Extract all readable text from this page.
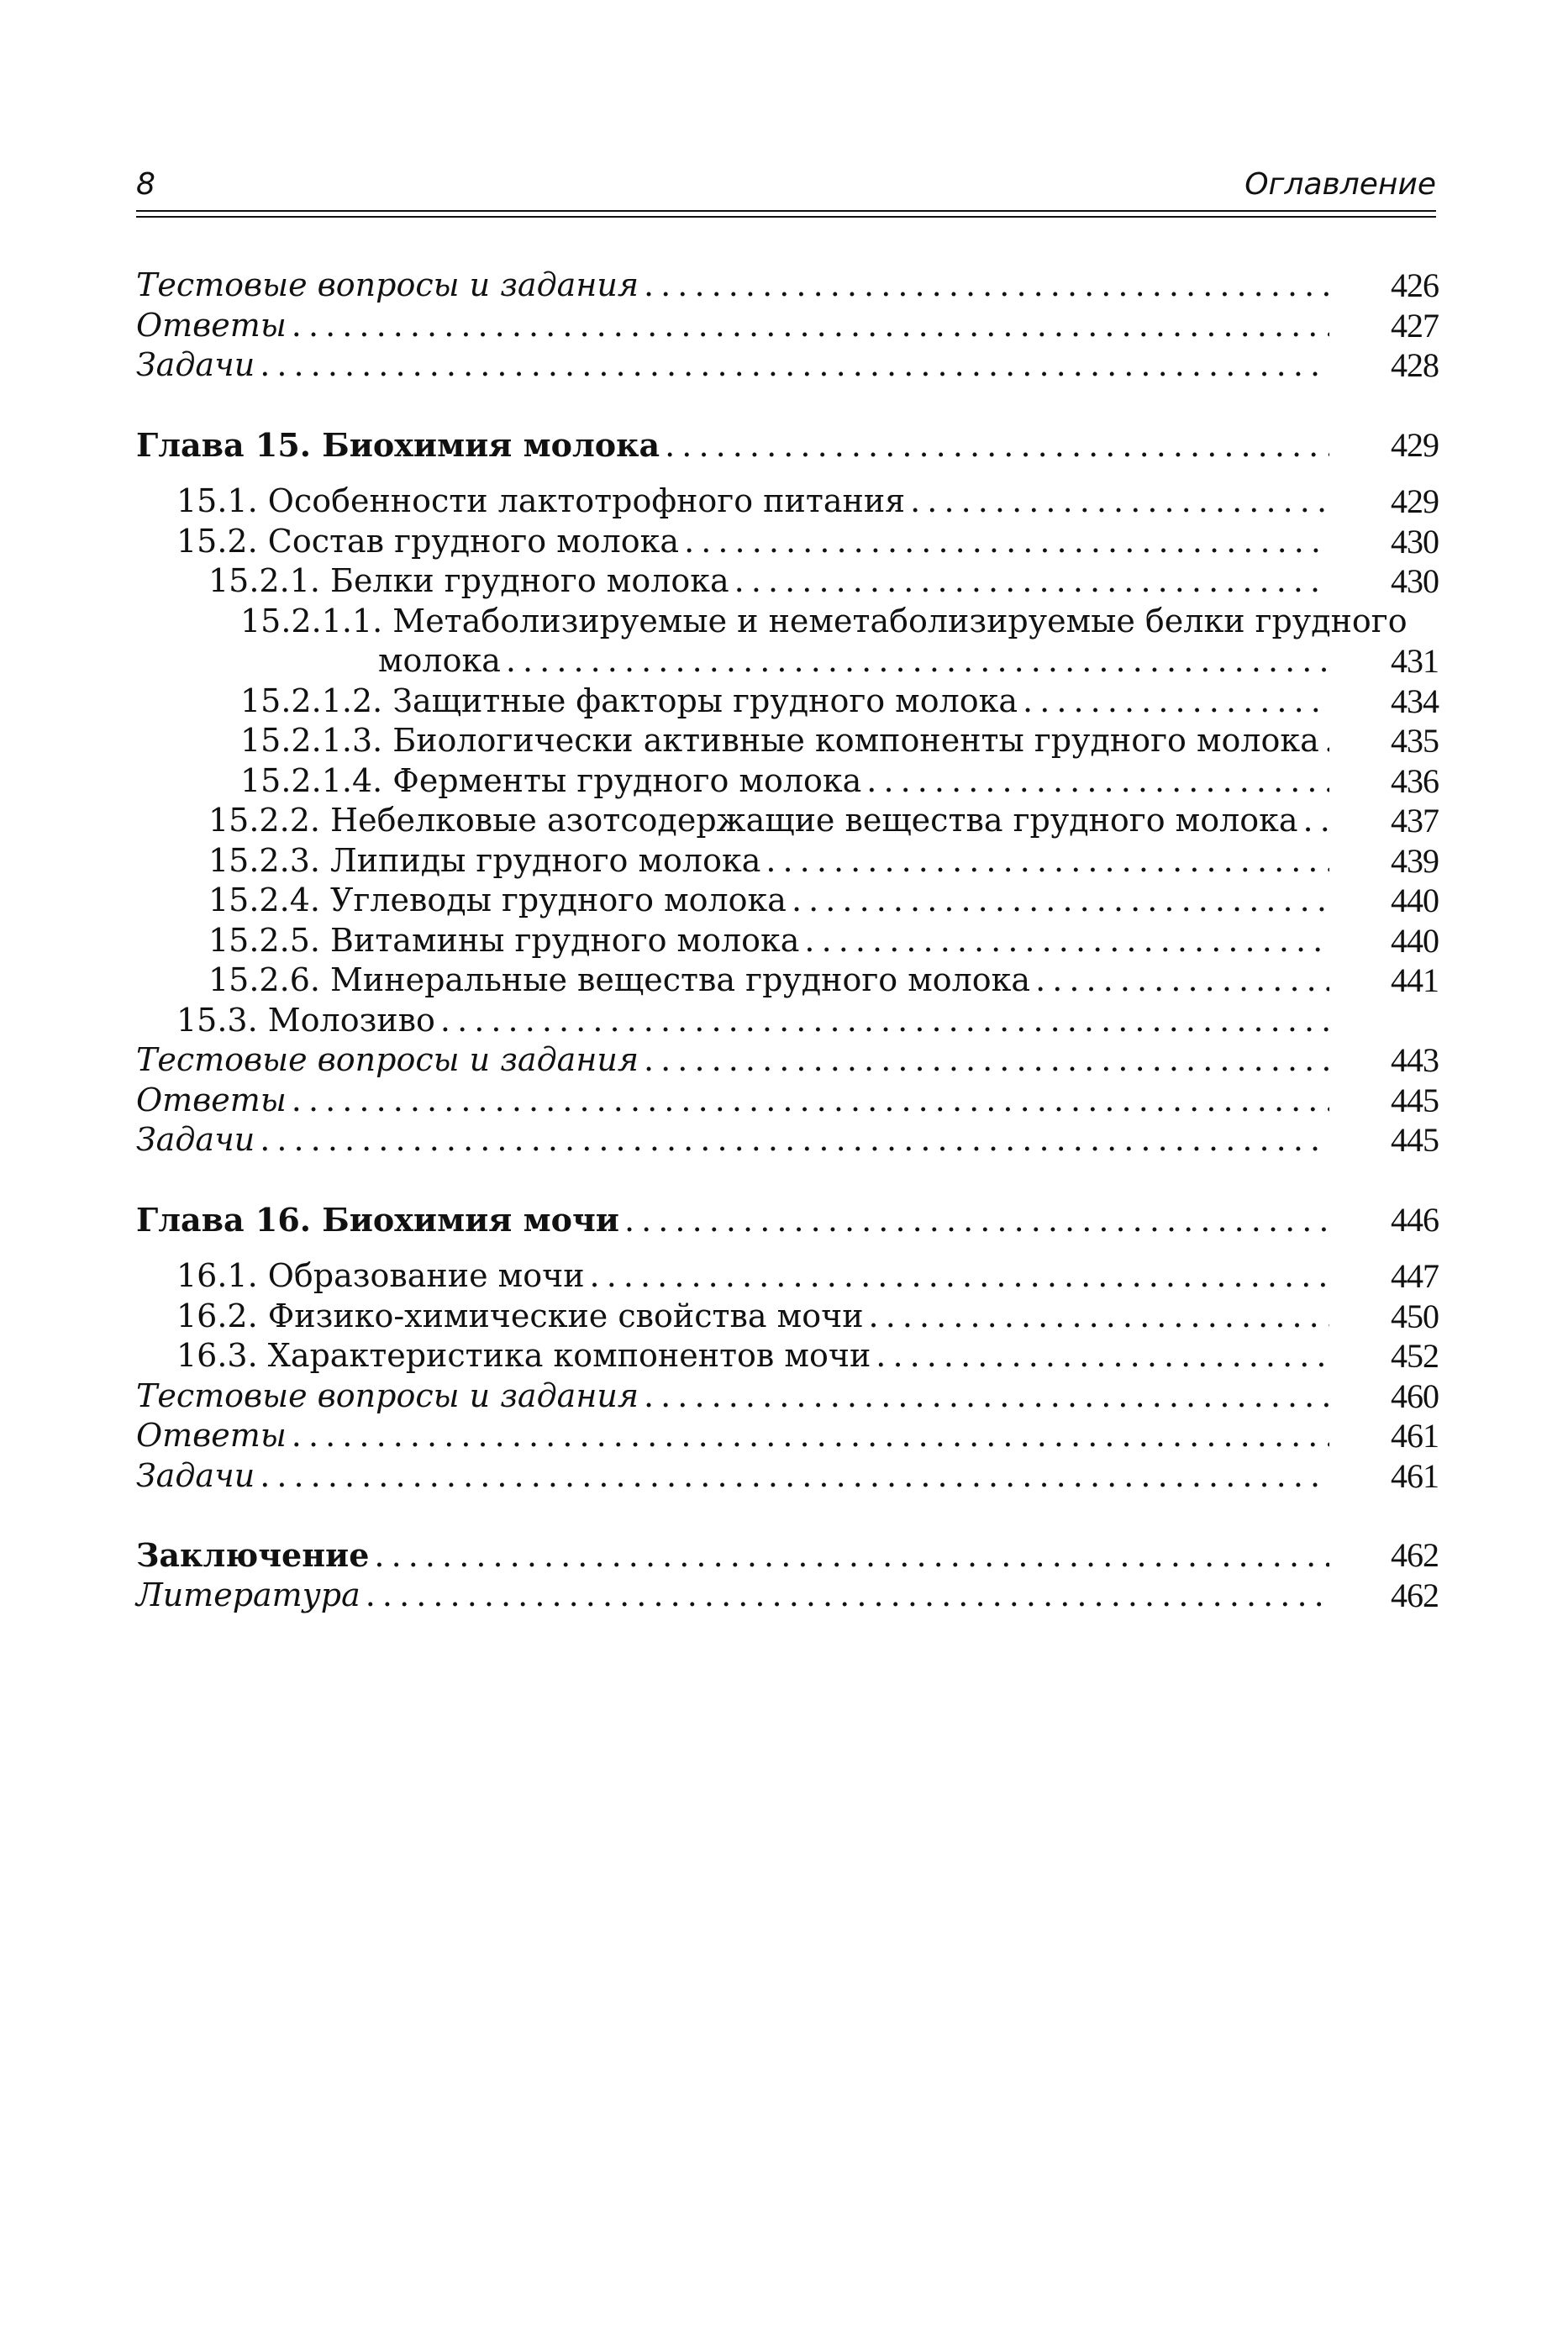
8	Оглавление
Тестовые вопросы и задания . . .	426
Ответы . . .	427
Задачи . . .	428
Глава 15. Биохимия молока . . .	429
15.1. Особенности лактотрофного питания . . .	429
15.2. Состав грудного молока . . .	430
15.2.1. Белки грудного молока . . .	430
15.2.1.1. Метаболизируемые и неметаболизируемые белки грудного
молока . . .	431
15.2.1.2. Защитные факторы грудного молока . . .	434
15.2.1.3. Биологически активные компоненты грудного молока . . . 435
15.2.1.4. Ферменты грудного молока . . .	436
15.2.2. Небелковые азотсодержащие вещества грудного молока . . .	437
15.2.3. Липиды грудного молока . . .	439
15.2.4. Углеводы грудного молока . . .	440
15.2.5. Витамины грудного молока . . .	440
15.2.6. Минеральные вещества грудного молока . . .	441
15.3. Молозиво
. . .
Тестовые вопросы и задания . . .	443
Ответы . . .	445
Задачи . . .	445
Глава 16. Биохимия мочи . . .	446
16.1. Образование мочи . . .	447
16.2. Физико-химические свойства мочи . . .	450
16.3. Характеристика компонентов мочи . . .	452
Тестовые вопросы и задания . . .	460
Ответы . . .	461
Задачи . . .	461
Заключение . . .	462
Литература . . .	462
